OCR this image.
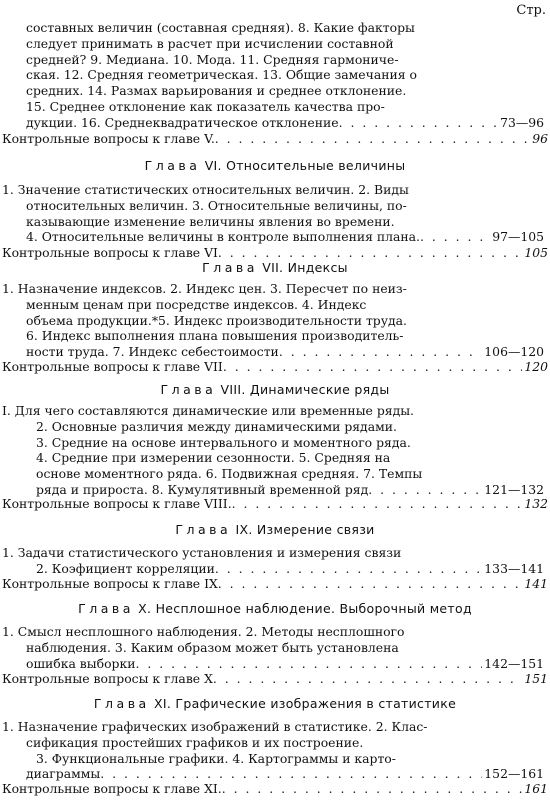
Стр.
составных величин (составная средняя). 8. Какие факторы
следует принимать в расчет при исчислении составной
средней? 9. Медиана. 10. Мода. 11. Средняя гармониче-
ская. 12. Средняя геометрическая. 13. Общие замечания о
средних. 14. Размах варьирования и среднее отклонение.
15. Среднее отклонение как показатель качества про-
дукции. 16. Среднеквадратическое отклонение . . .	73—96
Контрольные вопросы к главе V. . . .	96
Глава VI. Относительные величины
1. Значение статистических относительных величин. 2. Виды
относительных величин. 3. Относительные величины, по-
казывающие изменение величины явления во времени.
4. Относительные величины в контроле выполнения плана. . . .	97—105
Контрольные вопросы к главе VI . . .	105
Глава VII. Индексы
1. Назначение индексов. 2. Индекс цен. 3. Пересчет по неиз-
менным ценам при посредстве индексов. 4. Индекс
объема продукции.*5. Индекс производительности труда.
6. Индекс выполнения плана повышения производитель-
ности труда. 7. Индекс себестоимости . . .	106—120
Контрольные вопросы к главе VII . . .	120
Глава VIII. Динамические ряды
I. Для чего составляются динамические или временные ряды.
2. Основные различия между динамическими рядами.
3. Средние на основе интервального и моментного ряда.
4. Средние при измерении сезонности. 5. Средняя на
основе моментного ряда. 6. Подвижная средняя. 7. Темпы
ряда и прироста. 8. Кумулятивный временной ряд . . .	121—132
Контрольные вопросы к главе VIII. . . .	132
Глава IX. Измерение связи
1. Задачи статистического установления и измерения связи
2. Коэфициент корреляции . . .	133—141
Контрольные вопросы к главе IX . . .	141
Глава X. Несплошное наблюдение. Выборочный метод
1. Смысл несплошного наблюдения. 2. Методы несплошного
наблюдения. 3. Каким образом может быть установлена
ошибка выборки . . .	142—151
Контрольные вопросы к главе X . . .	151
Глава XI. Графические изображения в статистике
1. Назначение графических изображений в статистике. 2. Клас-
сификация простейших графиков и их построение.
3. Функциональные графики. 4. Картограммы и карто-
диаграммы . . .	152—161
Контрольные вопросы к главе XI. . . .	161
